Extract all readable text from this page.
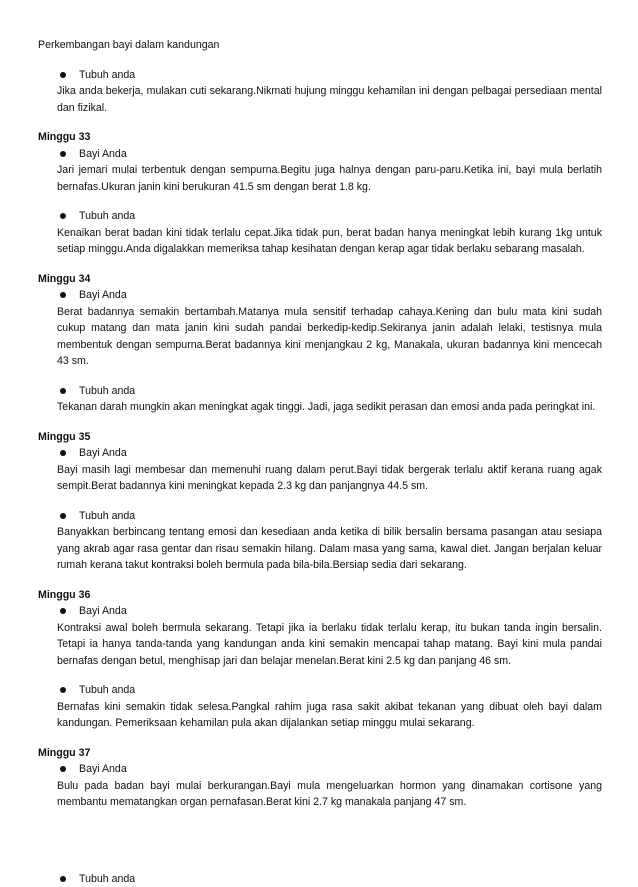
Perkembangan bayi dalam kandungan

Tubuh anda

Jika anda bekerja, mulakan cuti sekarang.Nikmati hujung minggu kehamilan ini dengan pelbagai persediaan mental dan fizikal.

Minggu 33

Bayi Anda

Jari jemari mulai terbentuk dengan sempurna.Begitu juga halnya dengan paru-paru.Ketika ini, bayi mula berlatih bernafas.Ukuran janin kini berukuran 41.5 sm dengan berat 1.8 kg.

Tubuh anda

Kenaikan berat badan kini tidak terlalu cepat.Jika tidak pun, berat badan hanya meningkat lebih kurang 1kg untuk setiap minggu.Anda digalakkan memeriksa tahap kesihatan dengan kerap agar tidak berlaku sebarang masalah.

Minggu 34

Bayi Anda

Berat badannya semakin bertambah.Matanya mula sensitif terhadap cahaya.Kening dan bulu mata kini sudah cukup matang dan mata janin kini sudah pandai berkedip-kedip.Sekiranya janin adalah lelaki, testisnya mula membentuk dengan sempurna.Berat badannya kini menjangkau 2 kg, Manakala, ukuran badannya kini mencecah 43 sm.

Tubuh anda

Tekanan darah mungkin akan meningkat agak tinggi. Jadi, jaga sedikit perasan dan emosi anda pada peringkat ini.

Minggu 35

Bayi Anda

Bayi masih lagi membesar dan memenuhi ruang dalam perut.Bayi tidak bergerak terlalu aktif kerana ruang agak sempit.Berat badannya kini meningkat kepada 2.3 kg dan panjangnya 44.5 sm.

Tubuh anda

Banyakkan berbincang tentang emosi dan kesediaan anda ketika di bilik bersalin bersama pasangan atau sesiapa yang akrab agar rasa gentar dan risau semakin hilang. Dalam masa yang sama, kawal diet. Jangan berjalan keluar rumah kerana takut kontraksi boleh bermula pada bila-bila.Bersiap sedia dari sekarang.

Minggu 36

Bayi Anda

Kontraksi awal boleh bermula sekarang. Tetapi jika ia berlaku tidak terlalu kerap, itu bukan tanda ingin bersalin. Tetapi ia hanya tanda-tanda yang kandungan anda kini semakin mencapai tahap matang. Bayi kini mula pandai bernafas dengan betul, menghisap jari dan belajar menelan.Berat kini 2.5 kg dan panjang 46 sm.

Tubuh anda

Bernafas kini semakin tidak selesa.Pangkal rahim juga rasa sakit akibat tekanan yang dibuat oleh bayi dalam kandungan. Pemeriksaan kehamilan pula akan dijalankan setiap minggu mulai sekarang.

Minggu 37

Bayi Anda

Bulu pada badan bayi mulai berkurangan.Bayi mula mengeluarkan hormon yang dinamakan cortisone yang membantu mematangkan organ pernafasan.Berat kini 2.7 kg manakala panjang 47 sm.

Tubuh anda
